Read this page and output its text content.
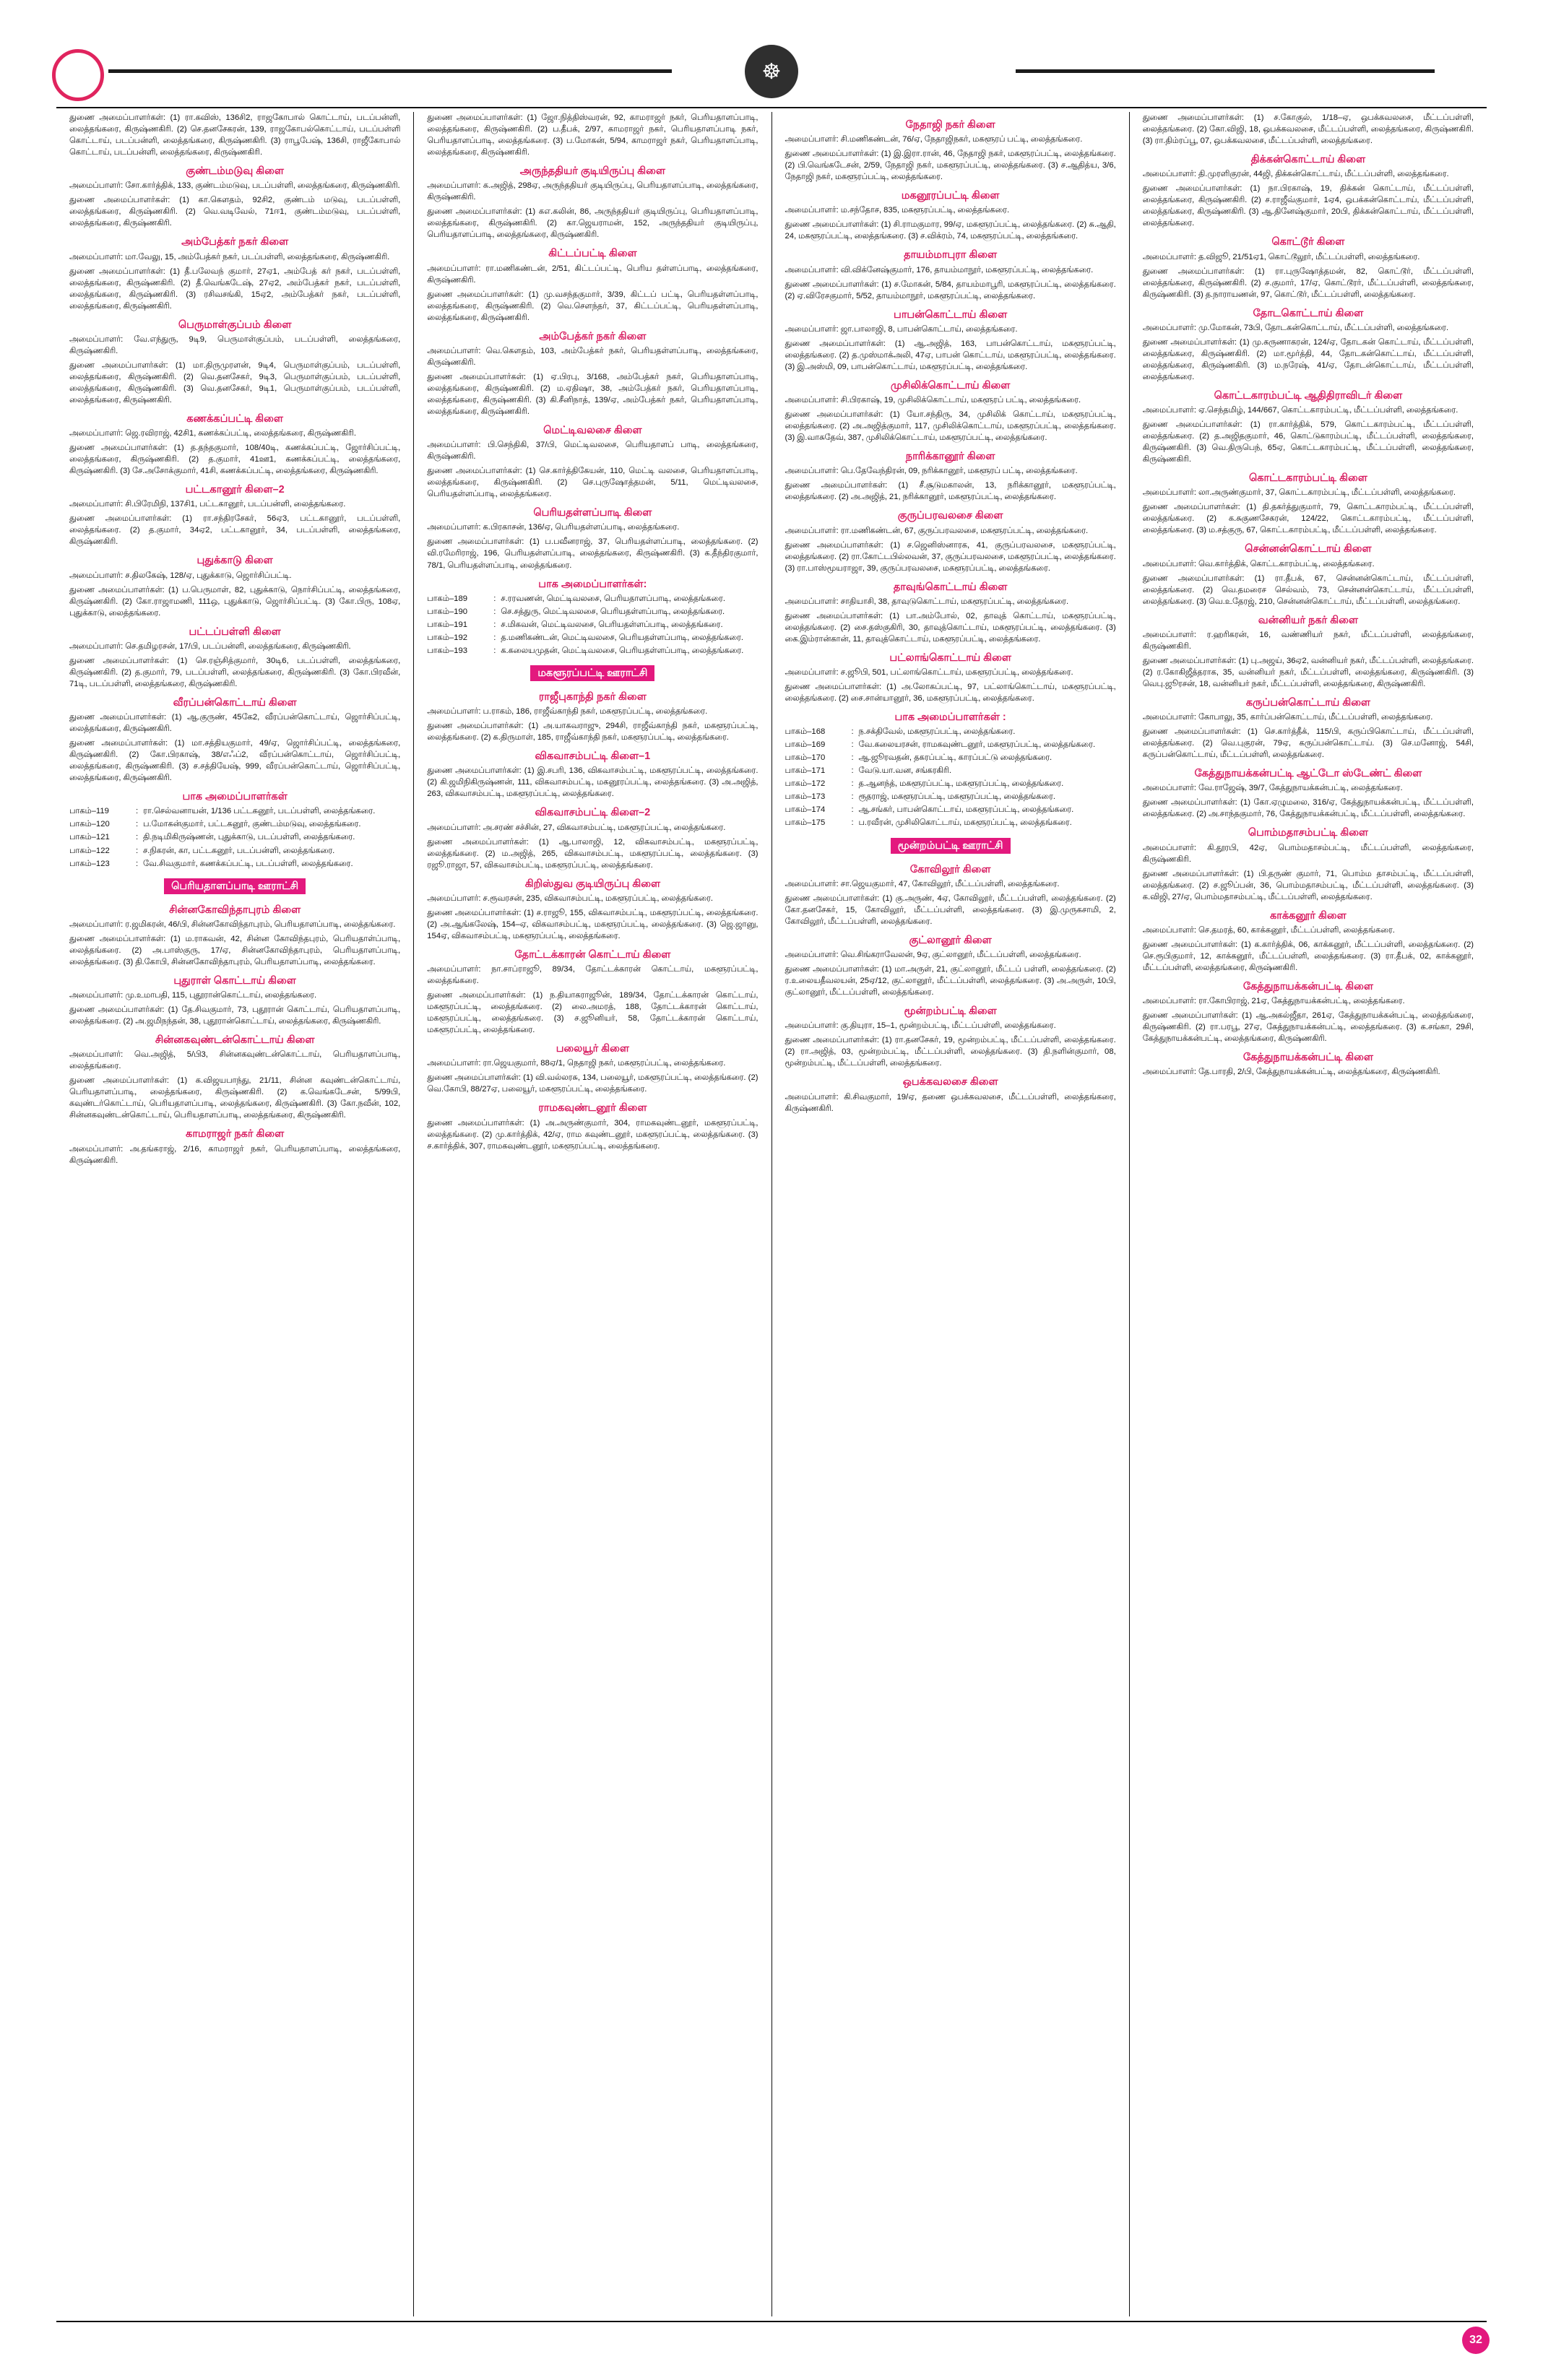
☸

துணை அமைப்பாளர்கள்: (1) ரா.கவிஸ், 136சி2, ராஜகோபால் கொட்டாய், படப்பன்ளி, லைத்தங்கரை, கிருஷ்ணகிரி. (2) செ.தனசேகரன், 139, ராஜகோபல்கொட்டாய், படப்பள்ளி கொட்டாய், படப்பன்ளி, லைத்தங்கரை, கிருஷ்ணகிரி. (3) ராபூபேஷ், 136சி, ராஜீகோபால் கொட்டாய், படப்பன்ளி, லைத்தங்கரை, கிருஷ்ணகிரி.

குண்டம்மடுவு கிளை

அமைப்பாளர்: சோ.கார்த்திக், 133, குண்டம்மடுவு, படப்பள்ளி, லைத்தங்கரை, கிருஷ்ணகிரி.

துணை அமைப்பாளர்கள்: (1) கா.கௌதம், 92சி2, குண்டம் மடுவு, படப்பள்ளி, லைத்தங்கரை, கிருஷ்ணகிரி. (2) வெ.வடிவேல், 71ஈ1, குண்டம்மடுவு, படப்பள்ளி, லைத்தங்கரை, கிருஷ்ணகிரி.

அம்பேத்கர் நகர் கிளை

அமைப்பாளர்: மா.வேலு, 15, அம்பேத்கர் நகர், படப்பள்ளி, லைத்தங்கரை, கிருஷ்ணகிரி.

துணை அமைப்பாளர்கள்: (1) தீ.பலேவந் குமார், 27ஏ1, அம்பேத் கர் நகர், படப்பள்ளி, லைத்தங்கரை, கிருஷ்ணகிரி. (2) தீ.வெங்கடேஷ், 27ஏ2, அம்பேத்கர் நகர், படப்பள்ளி, லைத்தங்கரை, கிருஷ்ணகிரி. (3) ரசிவசங்கி, 15ஏ2, அம்பேத்கர் நகர், படப்பள்ளி, லைத்தங்கரை, கிருஷ்ணகிரி.

பெருமாள்குப்பம் கிளை

அமைப்பாளர்: வே.எந்துரு, 9டி9, பெருமாள்குப்பம், படப்பள்ளி, லைத்தங்கரை, கிருஷ்ணகிரி.

துணை அமைப்பாளர்கள்: (1) மா.திருமுரளன், 9டி4, பெருமாள்குப்பம், படப்பள்ளி, லைத்தங்கரை, கிருஷ்ணகிரி. (2) வெ.தனசேகர், 9டி3, பெருமாள்குப்பம், படப்பள்ளி, லைத்தங்கரை, கிருஷ்ணகிரி. (3) வெ.தனசேகர், 9டி1, பெருமாள்குப்பம், படப்பள்ளி, லைத்தங்கரை, கிருஷ்ணகிரி.

கணக்கப்பட்டி கிளை

அமைப்பாளர்: ஜெ.ரவிராஜ், 42சி1, கணக்கப்பட்டி, லைத்தங்கரை, கிருஷ்ணகிரி.

துணை அமைப்பாளர்கள்: (1) த.தந்தகுமார், 108/40டி, கணக்கப்பட்டி, ஜோர்சிப்பட்டி, லைத்தங்கரை, கிருஷ்ணகிரி. (2) த.குமார், 41ஊ1, கணக்கப்பட்டி, லைத்தங்கரை, கிருஷ்ணகிரி. (3) சே.அசோக்குமார், 41சி, கணக்கப்பட்டி, லைத்தங்கரை, கிருஷ்ணகிரி.

பட்டகானூர் கிளை–2

அமைப்பாளர்: சி.பிரேமிநி, 137சி1, பட்டகானூர், படப்பன்ளி, லைத்தங்கரை.

துணை அமைப்பாளர்கள்: (1) ரா.சந்திரசேகர், 56ஏ3, பட்டகானூர், படப்பள்ளி, லைத்தங்கரை. (2) த.குமார், 34ஏ2, பட்டகானூர், 34, படப்பள்ளி, லைத்தங்கரை, கிருஷ்ணகிரி.

புதுக்காடு கிளை

அமைப்பாளர்: ச.திலகேஷ், 128/ஏ, புதுக்காடு, ஜொர்சிப்பட்டி.

துணை அமைப்பாளர்கள்: (1) ப.பெருமாள், 82, புதுக்காடு, நொர்சிப்பட்டி, லைத்தங்கரை, கிருஷ்ணகிரி. (2) கோ.ராஜாமணி, 111ஒ, புதுக்காடு, ஜொர்சிப்பட்டி. (3) கோ.பிரு, 108ஏ, புதுக்காடு, லைத்தங்கரை.

பட்டப்பள்ளி கிளை

அமைப்பாளர்: செ.தமிழரசன், 17/பி, படப்பன்ளி, லைத்தங்கரை, கிருஷ்ணகிரி.

துணை அமைப்பாளர்கள்: (1) செ.ரஞ்சித்குமார், 30டி6, படப்பள்ளி, லைத்தங்கரை, கிருஷ்ணகிரி. (2) த.குமார், 79, படப்பள்ளி, லைத்தங்கரை, கிருஷ்ணகிரி. (3) கோ.பிரவீன், 71டி, படப்பள்ளி, லைத்தங்கரை, கிருஷ்ணகிரி.

வீரப்பன்கொட்டாய் கிளை

துணை அமைப்பாளர்கள்: (1) ஆ.குருண், 45கே2, வீரப்பன்கொட்டாய், ஜொர்சிப்பட்டி, லைத்தங்கரை, கிருஷ்ணகிரி.

துணை அமைப்பாளர்கள்: (1) மா.சத்தியகுமார், 49/ஏ, ஜொர்சிப்பட்டி, லைத்தங்கரை, கிருஷ்ணகிரி. (2) கோ.பிரகாஷ், 38/எஃப்2, வீரப்பன்கொட்டாய், ஜொர்சிப்பட்டி, லைத்தங்கரை, கிருஷ்ணகிரி. (3) ச.சத்தியேஷ், 999, வீரப்பன்கொட்டாய், ஜொர்சிப்பட்டி, லைத்தங்கரை, கிருஷ்ணகிரி.

பாக அமைப்பாளர்கள்
பாகம்–119	: ரா.செல்வனாயன், 1/136 பட்டகனூர், படப்பள்ளி, லைத்தங்கரை.
பாகம்–120	: ப.மோகன்குமார், பட்டகனூர், குண்டம்மடுவு, லைத்தங்கரை.
பாகம்–121	: தி.நடிமிகிருஷ்ணன், புதுக்காடு, படப்பள்ளி, லைத்தங்கரை.
பாகம்–122	: ச.நிகரன், கா, பட்டகனூர், படப்பன்ளி, லைத்தங்கரை.
பாகம்–123	: வே.சிவகுமார், கணக்கப்பட்டி, படப்பள்ளி, லைத்தங்கரை.
பெரியதாளப்பாடி ஊராட்சி
சின்னகோவிந்தாபுரம் கிளை

அமைப்பாளர்: ர.ஜமிகரன், 46/பி, சின்னகோவிந்தாபுரம், பெரியதாளப்பாடி, லைத்தங்கரை.

துணை அமைப்பாளர்கள்: (1) ம.ராகவன், 42, சின்ன கோவிந்தபுரம், பெரியதாள்ப்பாடி, லைத்தங்கரை. (2) அ.பாஸ்குரு, 17/ஏ, சின்னகோவிந்தாபுரம், பெரியதாளப்பாடி, லைத்தங்கரை. (3) தி.கோபி, சின்னகோவிந்தாபுரம், பெரியதாளப்பாடி, லைத்தங்கரை.

புதுராள் கொட்டாய் கிளை

அமைப்பாளர்: மு.உமாபதி, 115, புதூரான்கொட்டாய், லைத்தங்கரை.

துணை அமைப்பாளர்கள்: (1) தே.சிவகுமார், 73, புதூரான் கொட்டாய், பெரியதாளப்பாடி, லைத்தங்கரை. (2) அ.ஜமிநந்தன், 38, புதூரான்கொட்டாய், லைத்தங்கரை, கிருஷ்ணகிரி.

சின்னகவுண்டன்கொட்டாய் கிளை

அமைப்பாளர்: வெ.அஜித், 5/பி3, சின்னகவுண்டன்கொட்டாய், பெரியதாளப்பாடி, லைத்தங்கரை.

துணை அமைப்பாளர்கள்: (1) க.விஜயபாந்து, 21/11, சின்ன கவுண்டன்கொட்டாய், பெரியதாளப்பாடி, லைத்தங்கரை, கிருஷ்ணகிரி. (2) க.வெங்கடேசன், 5/99பி, கவுண்டர்கொட்டாய், பெரியதாளப்பாடி, லைத்தங்கரை, கிருஷ்ணகிரி. (3) கோ.நவீன், 102, சின்னகவுண்டன்கொட்டாய், பெரியதாளப்பாடி, லைத்தங்கரை, கிருஷ்ணகிரி.

காமராஜர் நகர் கிளை

அமைப்பாளர்: அ.தங்கராஜ், 2/16, காமராஜர் நகர், பெரியதாளப்பாடி, லைத்தங்கரை, கிருஷ்ணகிரி.

துணை அமைப்பாளர்கள்: (1) ஜோ.நித்திஸ்வரன், 92, காமராஜர் நகர், பெரியதாளப்பாடி, லைத்தங்கரை, கிருஷ்ணகிரி. (2) ப.தீபக், 2/97, காமராஜர் நகர், பெரியதாளப்பாடி நகர், பெரியதாளப்பாடி, லைத்தங்கரை. (3) ப.மோகன், 5/94, காமராஜர் நகர், பெரியதாளப்பாடி, லைத்தங்கரை, கிருஷ்ணகிரி.

அருந்ததியர் குடியிருப்பு கிளை

அமைப்பாளர்: க.அஜித், 298ஏ, அருந்ததியர் குடியிருப்பு, பெரியதாளப்பாடி, லைத்தங்கரை, கிருஷ்ணகிரி.

துணை அமைப்பாளர்கள்: (1) கஎ.கலின், 86, அருந்ததியர் குடியிருப்பு, பெரியதாளப்பாடி, லைத்தங்கரை, கிருஷ்ணகிரி. (2) கா.ஜெயராமன், 152, அருந்ததியர் குடியிருப்பு, பெரியதாளப்பாடி, லைத்தங்கரை, கிருஷ்ணகிரி.

கிட்டப்பட்டி கிளை

அமைப்பாளர்: ரா.மணிகண்டன், 2/51, கிட்டப்பட்டி, பெரிய தள்ளப்பாடி, லைத்தங்கரை, கிருஷ்ணகிரி.

துணை அமைப்பாளர்கள்: (1) மு.வசந்தகுமார், 3/39, கிட்டப் பட்டி, பெரியதள்ளப்பாடி, லைத்தங்கரை, கிருஷ்ணகிரி. (2) வெ.செளந்தர், 37, கிட்டப்பட்டி, பெரியதள்ளப்பாடி, லைத்தங்கரை, கிருஷ்ணகிரி.

அம்பேத்கர் நகர் கிளை

அமைப்பாளர்: வெ.கௌதம், 103, அம்பேத்கர் நகர், பெரியதள்ளப்பாடி, லைத்தங்கரை, கிருஷ்ணகிரி.

துணை அமைப்பாளர்கள்: (1) ஏ.பிரபு, 3/168, அம்பேத்கர் நகர், பெரியதாளப்பாடி, லைத்தங்கரை, கிருஷ்ணகிரி. (2) ம.ஏதிஷா, 38, அம்பேத்கர் நகர், பெரியதாளப்பாடி, லைத்தங்கரை, கிருஷ்ணகிரி. (3) கி.சீனிநாத், 139/ஏ, அம்பேத்கர் நகர், பெரியதாளப்பாடி, லைத்தங்கரை, கிருஷ்ணகிரி.

மெட்டிவலசை கிளை

அமைப்பாளர்: பி.செந்திகி, 37/பி, மெட்டிவலசை, பெரியதாளப் பாடி, லைத்தங்கரை, கிருஷ்ணகிரி.

துணை அமைப்பாளர்கள்: (1) செ.கார்த்திகேயன், 110, மெட்டி வலசை, பெரியதாளப்பாடி, லைத்தங்கரை, கிருஷ்ணகிரி. (2) செ.புருஷோத்தமன், 5/11, மெட்டிவலசை, பெரியதள்ளப்பாடி, லைத்தங்கரை.

பெரியதள்ளப்பாடி கிளை

அமைப்பாளர்: க.பிரகாசன், 136/ஏ, பெரியதள்ளப்பாடி, லைத்தங்கரை.

துணை அமைப்பாளர்கள்: (1) ப.பவீனராஜ், 37, பெரியதள்ளப்பாடி, லைத்தங்கரை. (2) வி.ரமேரிராஜ், 196, பெரியதள்ளப்பாடி, லைத்தங்கரை, கிருஷ்ணகிரி. (3) க.தீந்திரகுமார், 78/1, பெரியதள்ளப்பாடி, லைத்தங்கரை.

பாக அமைப்பாளர்கள்:
பாகம்–189	: ச.ரரவணன், மெட்டிவலசை, பெரியதாளப்பாடி, லைத்தங்கரை.
பாகம்–190	: செ.சத்துரு, மெட்டிவலசை, பெரியதள்ளப்பாடி, லைத்தங்கரை.
பாகம்–191	: ச.மிகவன், மெட்டிவலசை, பெரியதள்ளப்பாடி, லைத்தங்கரை.
பாகம்–192	: த.மணிகண்டன், மெட்டிவலசை, பெரியதள்ளப்பாடி, லைத்தங்கரை.
பாகம்–193	: க.கலையமுதன், மெட்டிவலசை, பெரியதள்ளப்பாடி, லைத்தங்கரை.
மகளூரப்பட்டி ஊராட்சி
ராஜீபுகாந்தி நகர் கிளை

அமைப்பாளர்: ப.ராகம், 186, ராஜீவ்காந்தி நகர், மகளூரப்பட்டி, லைத்தங்கரை.

துணை அமைப்பாளர்கள்: (1) அ.யாகவராஜு, 294சி, ராஜீவ்காந்தி நகர், மகளூரப்பட்டி, லைத்தங்கரை. (2) க.திருமாள், 185, ராஜீவ்காந்தி நகர், மகளூரப்பட்டி, லைத்தங்கரை.

விகவாசம்பட்டி கிளை–1

துணை அமைப்பாளர்கள்: (1) இ.சபரி, 136, விகவாசம்பட்டி, மகளூரப்பட்டி, லைத்தங்கரை. (2) கி.ஜமிநிகிருஷ்ணன், 111, விகவாசம்பட்டி, மகனூரப்பட்டி, லைத்தங்கரை. (3) அ.அஜித், 263, விகவாசம்பட்டி, மகளூரப்பட்டி, லைத்தங்கரை.

விகவாசம்பட்டி கிளை–2

அமைப்பாளர்: அ.சரண் சச்சின், 27, விகவாசம்பட்டி, மகளூரப்பட்டி, லைத்தங்கரை.

துணை அமைப்பாளர்கள்: (1) ஆ.பாலாஜி, 12, விகவாசம்பட்டி, மகளூரப்பட்டி, லைத்தங்கரை. (2) ம.அஜித், 265, விகவாசம்பட்டி, மகளூரப்பட்டி, லைத்தங்கரை. (3) ரஜூ.ராஜா, 57, விகவாசம்பட்டி, மகளூரப்பட்டி, லைத்தங்கரை.

கிறிஸ்துவ குடியிருப்பு கிளை

அமைப்பாளர்: ச.ரூவரசன், 235, விகவாசம்பட்டி, மகளூரப்பட்டி, லைத்தங்கரை.

துணை அமைப்பாளர்கள்: (1) ச.ராஜூ, 155, விகவாசம்பட்டி, மகளூரப்பட்டி, லைத்தங்கரை. (2) அ.ஆங்கலேஷ், 154–ஏ, விகவாசம்பட்டி, மகளூரப்பட்டி, லைத்தங்கரை. (3) ஜெ.ஜானு, 154ஏ, விகவாசம்பட்டி, மகளூரப்பட்டி, லைத்தங்கரை.

தோட்டக்காரன் கொட்டாய் கிளை

அமைப்பாளர்: நா.சாப்ராஜூ, 89/34, தோட்டக்காரன் கொட்டாய், மகளூரப்பட்டி, லைத்தங்கரை.

துணை அமைப்பாளர்கள்: (1) ந.தியாகராஜூன், 189/34, தோட்டக்காரன் கொட்டாய், மகளூரப்பட்டி, லைத்தங்கரை. (2) லை.அமரத், 188, தோட்டக்காரன் கொட்டாய், மகளூரப்பட்டி, லைத்தங்கரை. (3) ச.ஜூனியர், 58, தோட்டக்காரன் கொட்டாய், மகளூரப்பட்டி, லைத்தங்கரை.

பலையூர் கிளை

அமைப்பாளர்: ரா.ஜெயகுமார், 88ஏ/1, நெதாஜி நகர், மகளூரப்பட்டி, லைத்தங்கரை.

துணை அமைப்பாளர்கள்: (1) வி.வல்லரசு, 134, பலையூர், மகளூரப்பட்டி, லைத்தங்கரை. (2) வெ.கோபி, 88/27ஏ, பலையூர், மகளூரப்பட்டி, லைத்தங்கரை.

ராமகவுண்டனூர் கிளை

துணை அமைப்பாளர்கள்: (1) அ.அருண்குமார், 304, ராமகவுண்டனூர், மகளூரப்பட்டி, லைத்தங்கரை. (2) மு.கார்த்திக், 42/ஏ, ராம கவுண்டனூர், மகளூரப்பட்டி, லைத்தங்கரை. (3) ச.கார்த்திக், 307, ராமகவுண்டனூர், மகளூரப்பட்டி, லைத்தங்கரை.

நேதாஜி நகர் கிளை

அமைப்பாளர்: சி.மணிகண்டன், 76/ஏ, நேதாஜிநகர், மகளூரப் பட்டி, லைத்தங்கரை.

துணை அமைப்பாளர்கள்: (1) இ.இரா.ரான், 46, நேதாஜி நகர், மகளூரப்பட்டி, லைத்தங்கரை. (2) பி.வெங்கடேசன், 2/59, நேதாஜி நகர், மகளூரப்பட்டி, லைத்தங்கரை. (3) ச.ஆதித்ய, 3/6, நேதாஜி நகர், மகளூரப்பட்டி, லைத்தங்கரை.

மகனூரப்பட்டி கிளை

அமைப்பாளர்: ம.சந்தோச, 835, மகளூரப்பட்டி, லைத்தங்கரை.

துணை அமைப்பாளர்கள்: (1) சி.ராமகுமார, 99/ஏ, மகளூரப்பட்டி, லைத்தங்கரை. (2) சு.ஆதி, 24, மகளூரப்பட்டி, லைத்தங்கரை. (3) ச.விக்ரம், 74, மகளூரப்பட்டி, லைத்தங்கரை.

தாயம்மாபுரா கிளை

அமைப்பாளர்: வி.விக்னேஷ்குமார், 176, தாயம்மாநூர், மகளூரப்பட்டி, லைத்தங்கரை.

துணை அமைப்பாளர்கள்: (1) ச.மோகன், 5/84, தாயம்மாபூரி, மகளூரப்பட்டி, லைத்தங்கரை. (2) ஏ.விரேசகுமார், 5/52, தாயம்மாநூர், மகளூரப்பட்டி, லைத்தங்கரை.

பாபன்கொட்டாய் கிளை

அமைப்பாளர்: ஜா.பாலாஜி, 8, பாபன்கொட்டாய், லைத்தங்கரை.

துணை அமைப்பாளர்கள்: (1) ஆ.அஜித், 163, பாபன்கொட்டாய், மகளூரப்பட்டி, லைத்தங்கரை. (2) த.முஸ்மாக்அலி, 47ஏ, பாபன் கொட்டாய், மகளூரப்பட்டி, லைத்தங்கரை. (3) இ.அஸ்மி, 09, பாபன்கொட்டாய், மகளூரப்பட்டி, லைத்தங்கரை.

முசிலிக்கொட்டாய் கிளை

அமைப்பாளர்: சி.பிரகாஷ், 19, முசிலிக்கொட்டாய், மகளூரப் பட்டி, லைத்தங்கரை.

துணை அமைப்பாளர்கள்: (1) யோ.சந்திரு, 34, முசிலிக் கொட்டாய், மகளூரப்பட்டி, லைத்தங்கரை. (2) அ.அஜித்குமார், 117, முசிலிக்கொட்டாய், மகளூரப்பட்டி, லைத்தங்கரை. (3) இ.வாசுதேவ், 387, முசிலிக்கொட்டாய், மகளூரப்பட்டி, லைத்தங்கரை.

நாரிக்கானூர் கிளை

அமைப்பாளர்: பெ.தேவேந்திரன், 09, நரிக்கானூர், மகளூரப் பட்டி, லைத்தங்கரை.

துணை அமைப்பாளர்கள்: (1) சீ.சூடுமகாலன், 13, நரிக்கானூர், மகளூரப்பட்டி, லைத்தங்கரை. (2) அ.அஜித், 21, நரிக்கானூர், மகளூரப்பட்டி, லைத்தங்கரை.

குருப்பரவலசை கிளை

அமைப்பாளர்: ரா.மணிகண்டன், 67, குருப்பரவலசை, மகளூரப்பட்டி, லைத்தங்கரை.

துணை அமைப்பாளர்கள்: (1) ச.ஜெனிஸ்னாரக, 41, குருப்பரவலசை, மகளூரப்பட்டி, லைத்தங்கரை. (2) ரா.கோட்டபில்லவன், 37, குருப்பரவலசை, மகளூரப்பட்டி, லைத்தங்கரை. (3) ரா.பாஸ்மூயராஜா, 39, குருப்பரவலசை, மகளூரப்பட்டி, லைத்தங்கரை.

தாவுங்கொட்டாய் கிளை

அமைப்பாளர்: சாதியாசி, 38, தாவுடுகொட்டாய், மகளூரப்பட்டி, லைத்தங்கரை.

துணை அமைப்பாளர்கள்: (1) பா.அம்போல், 02, தாவுத் கொட்டாய், மகளூரப்பட்டி, லைத்தங்கரை. (2) சை.தஸ்குகிரி, 30, தாவுத்கொட்டாய், மகளூரப்பட்டி, லைத்தங்கரை. (3) கை.இம்ரான்கான், 11, தாவுத்கொட்டாய், மகளூரப்பட்டி, லைத்தங்கரை.

பட்லாங்கொட்டாய் கிளை

அமைப்பாளர்: ச.ஜூபி, 501, பட்லாங்கொட்டாய், மகளூரப்பட்டி, லைத்தங்கரை.

துணை அமைப்பாளர்கள்: (1) அ.லோகப்பட்டி, 97, பட்லாங்கொட்டாய், மகளூரப்பட்டி, லைத்தங்கரை. (2) சை.சான்யானூர், 36, மகளூரப்பட்டி, லைத்தங்கரை.

பாக அமைப்பாளர்கள் :
பாகம்–168	: ந.சக்திவேல், மகளூரப்பட்டி, லைத்தங்கரை.
பாகம்–169	: வே.கலையரசன், ராமகவுண்டனூர், மகளூரப்பட்டி, லைத்தங்கரை.
பாகம்–170	: ஆ.ஜூரவதன், தகரப்பட்டி, காரப்பட்டு லைத்தங்கரை.
பாகம்–171	: வேடு.யா.வன, சங்கரகிரி.
பாகம்–172	: த.ஆனந்த், மகளூரப்பட்டி, மகளூரப்பட்டி, லைத்தங்கரை.
பாகம்–173	: ரூதராஜ், மகளூரப்பட்டி, மகளூரப்பட்டி, லைத்தங்கரை.
பாகம்–174	: ஆ.சங்கர், பாபன்கொட்டாய், மகளூரப்பட்டி, லைத்தங்கரை.
பாகம்–175	: ப.ரவீரன், முசிலிகொட்டாய், மகளூரப்பட்டி, லைத்தங்கரை.
மூன்றம்பட்டி ஊராட்சி
கோவிலூர் கிளை

அமைப்பாளர்: சா.ஜெயகுமார், 47, கோவிலூர், மீட்டப்பள்ளி, லைத்தங்கரை.

துணை அமைப்பாளர்கள்: (1) கு.அருண், 4ஏ, கோவிலூர், மீட்டப்பள்ளி, லைத்தங்கரை. (2) கோ.தனசேகர், 15, கோவிலூர், மீட்டப்பள்ளி, லைத்தங்கரை. (3) இ.முருகசாமி, 2, கோவிலூர், மீட்டப்பள்ளி, லைத்தங்கரை.

குட்லானூர் கிளை

அமைப்பாளர்: வெ.சிங்கராவேலன், 9ஏ, குட்லானூர், மீட்டப்பள்ளி, லைத்தங்கரை.

துணை அமைப்பாளர்கள்: (1) மா.அருள், 21, குட்லானூர், மீட்டப் பள்ளி, லைத்தங்கரை. (2) ர.உலையதீவலயன், 25ஏ/12, குட்லானூர், மீட்டப்பள்ளி, லைத்தங்கரை. (3) அ.அருள், 10பி, குட்லானூர், மீட்டப்பள்ளி, லைத்தங்கரை.

மூன்றம்பட்டி கிளை

அமைப்பாளர்: கு.தியுரா, 15–1, மூன்றம்பட்டி, மீட்டப்பள்ளி, லைத்தங்கரை.

துணை அமைப்பாளர்கள்: (1) ரா.தனசேகர், 19, மூன்றம்பட்டி, மீட்டப்பள்ளி, லைத்தங்கரை. (2) ரா.அஜித், 03, மூன்றம்பட்டி, மீட்டப்பள்ளி, லைத்தங்கரை. (3) தி.நளின்குமார், 08, மூன்றம்பட்டி, மீட்டப்பள்ளி, லைத்தங்கரை.

ஒபக்கவலசை கிளை

அமைப்பாளர்: கி.சிவகுமார், 19/ஏ, தணை ஒபக்கவலசை, மீட்டப்பள்ளி, லைத்தங்கரை, கிருஷ்ணகிரி.

துணை அமைப்பாளர்கள்: (1) ச.கோகுல், 1/18–ஏ, ஒபக்கவலசை, மீட்டப்பள்ளி, லைத்தங்கரை. (2) கோ.விஜி, 18, ஒபக்கவலசை, மீட்டப்பள்ளி, லைத்தங்கரை, கிருஷ்ணகிரி. (3) ரா.திம்ரப்பூ, 07, ஒபக்கவலசை, மீட்டப்பள்ளி, லைத்தங்கரை.

திக்கன்கொட்டாய் கிளை

அமைப்பாளர்: தி.முரளிகுரன், 44ஜி, திக்கன்கொட்டாய், மீட்டப்பள்ளி, லைத்தங்கரை.

துணை அமைப்பாளர்கள்: (1) நா.பிரகாஷ், 19, திக்கன் கொட்டாய், மீட்டப்பள்ளி, லைத்தங்கரை, கிருஷ்ணகிரி. (2) ச.ராஜீவ்குமார், 1ஏ4, ஒபக்கன்கொட்டாய், மீட்டப்பள்ளி, லைத்தங்கரை, கிருஷ்ணகிரி. (3) ஆ.தினேஷ்குமார், 20பி, திக்கன்கொட்டாய், மீட்டப்பள்ளி, லைத்தங்கரை.

கொட்டூர் கிளை

அமைப்பாளர்: த.விஜூ, 21/51ஏ1, கொட்டூலூர், மீட்டப்பள்ளி, லைத்தங்கரை.

துணை அமைப்பாளர்கள்: (1) ரா.புருஷோத்தமன், 82, கொட்டூர், மீட்டப்பள்ளி, லைத்தங்கரை, கிருஷ்ணகிரி. (2) ச.குமார், 17/ஏ, கொட்டூரர், மீட்டப்பள்ளி, லைத்தங்கரை, கிருஷ்ணகிரி. (3) த.நாராயணன், 97, கொட்டூர், மீட்டப்பள்ளி, லைத்தங்கரை.

தோடகொட்டாய் கிளை

அமைப்பாளர்: மு.மோகன், 73பி, தோடகன்கொட்டாய், மீட்டப்பள்ளி, லைத்தங்கரை.

துணை அமைப்பாளர்கள்: (1) மு.கருணாகரன், 124/ஏ, தோடகன் கொட்டாய், மீட்டப்பள்ளி, லைத்தங்கரை, கிருஷ்ணகிரி. (2) மா.மூர்த்தி, 44, தோடகன்கொட்டாய், மீட்டப்பள்ளி, லைத்தங்கரை, கிருஷ்ணகிரி. (3) ம.நரேஷ், 41/ஏ, தோடன்கொட்டாய், மீட்டப்பள்ளி, லைத்தங்கரை.

கொட்டகாரம்பட்டி ஆதிதிராவிடர் கிளை

அமைப்பாளர்: ஏ.செந்தமிழ், 144/667, கொட்டகாரம்பட்டி, மீட்டப்பள்ளி, லைத்தங்கரை.

துணை அமைப்பாளர்கள்: (1) ரா.கார்த்திக், 579, கொட்டகாரம்பட்டி, மீட்டப்பள்ளி, லைத்தங்கரை. (2) த.அஜிதகுமார், 46, கொட்டுகாரம்பட்டி, மீட்டப்பள்ளி, லைத்தங்கரை, கிருஷ்ணகிரி. (3) வெ.திருபெந், 65ஏ, கொட்டகாரம்பட்டி, மீட்டப்பள்ளி, லைத்தங்கரை, கிருஷ்ணகிரி.

கொட்டகாரம்பட்டி கிளை

அமைப்பாளர்: லா.அருண்குமார், 37, கொட்டகாரம்பட்டி, மீட்டப்பள்ளி, லைத்தங்கரை.

துணை அமைப்பாளர்கள்: (1) தி.தகர்த்துகுமார், 79, கொட்டகாரம்பட்டி, மீட்டப்பள்ளி, லைத்தங்கரை. (2) க.சுகுணசேகரன், 124/22, கொட்டகாரம்பட்டி, மீட்டப்பள்ளி, லைத்தங்கரை. (3) ம.சத்குரு, 67, கொட்டகாரம்பட்டி, மீட்டப்பள்ளி, லைத்தங்கரை.

சென்னன்கொட்டாய் கிளை

அமைப்பாளர்: வெ.கார்த்திக், கொட்டகாரம்பட்டி, லைத்தங்கரை.

துணை அமைப்பாளர்கள்: (1) ரா.தீபக், 67, சென்னன்கொட்டாய், மீட்டப்பள்ளி, லைத்தங்கரை. (2) வெ.தமரைச செல்வம், 73, சென்னன்கொட்டாய், மீட்டப்பள்ளி, லைத்தங்கரை. (3) வெ.உதேரஜ், 210, சென்னன்கொட்டாய், மீட்டப்பள்ளி, லைத்தங்கரை.

வன்னியர் நகர் கிளை

அமைப்பாளர்: ர.ஹரிகரன், 16, வண்ணியர் நகர், மீட்டப்பள்ளி, லைத்தங்கரை, கிருஷ்ணகிரி.

துணை அமைப்பாளர்கள்: (1) பு.அஜய், 36ஏ2, வன்னியர் நகர், மீட்டப்பள்ளி, லைத்தங்கரை. (2) ர.கோகிஜீத்தராக, 35, வன்னியர் நகர், மீட்டப்பள்ளி, லைத்தங்கரை, கிருஷ்ணகிரி. (3) வெபு.ஜூரசன், 18, வன்னியர் நகர், மீட்டப்பள்ளி, லைத்தங்கரை, கிருஷ்ணகிரி.

கருப்பன்கொட்டாய் கிளை

அமைப்பாளர்: கோபாலு, 35, கார்ப்பன்கொட்டாய், மீட்டப்பள்ளி, லைத்தங்கரை.

துணை அமைப்பாளர்கள்: (1) செ.கார்த்தீக், 115/பி, கருப்பிகொட்டாய், மீட்டப்பள்ளி, லைத்தங்கரை. (2) வெ.புகுரன், 79ஏ, கருப்பன்கொட்டாய். (3) செ.மனோஜ், 54சி, கருப்பன்கொட்டாய், மீட்டப்பள்ளி, லைத்தங்கரை.

கேத்துநாயக்கன்பட்டி ஆட்டோ ஸ்டேண்ட் கிளை

அமைப்பாளர்: வே.ராஜேஷ், 39/7, கேத்துநாயக்கன்பட்டி, லைத்தங்கரை.

துணை அமைப்பாளர்கள்: (1) கோ.ஏழுமலை, 316/ஏ, கேத்துநாயக்கன்பட்டி, மீட்டப்பள்ளி, லைத்தங்கரை. (2) அ.சாந்தகுமார், 76, கேத்துநாயக்கன்பட்டி, மீட்டப்பள்ளி, லைத்தங்கரை.

பொம்மதாசம்பட்டி கிளை

அமைப்பாளர்: கி.தூரபி, 42ஏ, பொம்மதாசம்பட்டி, மீட்டப்பள்ளி, லைத்தங்கரை, கிருஷ்ணகிரி.

துணை அமைப்பாளர்கள்: (1) பி.தருண் குமார், 71, பொம்ம தாசம்பட்டி, மீட்டப்பள்ளி, லைத்தங்கரை. (2) ச.ஜூப்பன், 36, பொம்மதாசம்பட்டி, மீட்டப்பள்ளி, லைத்தங்கரை. (3) க.விஜி, 27/ஏ, பொம்மதாசம்பட்டி, மீட்டப்பள்ளி, லைத்தங்கரை.

காக்கனூர் கிளை

அமைப்பாளர்: செ.தமரத், 60, காக்கனூர், மீட்டப்பள்ளி, லைத்தங்கரை.

துணை அமைப்பாளர்கள்: (1) க.கார்த்திக், 06, காக்கனூர், மீட்டப்பள்ளி, லைத்தங்கரை. (2) செ.ரூபிகுமார், 12, காக்கனூர், மீட்டப்பள்ளி, லைத்தங்கரை. (3) ரா.தீபக், 02, காக்கனூர், மீட்டப்பள்ளி, லைத்தங்கரை, கிருஷ்ணகிரி.

கேத்துநாயக்கன்பட்டி கிளை

அமைப்பாளர்: ரா.கோபிராஜ், 21ஏ, கேத்துநாயக்கன்பட்டி, லைத்தங்கரை.

துணை அமைப்பாளர்கள்: (1) ஆ.அகல்ஜீதா, 261ஏ, கேத்துநாயக்கன்பட்டி, லைத்தங்கரை, கிருஷ்ணகிரி. (2) ரா.பரபூ, 27ஏ, கேத்துநாயக்கன்பட்டி, லைத்தங்கரை. (3) க.சங்கா, 29சி, கேத்துநாயக்கன்பட்டி, லைத்தங்கரை, கிருஷ்ணகிரி.

கேத்துநாயக்கன்பட்டி கிளை

அமைப்பாளர்: தே.பாரதி, 2/பி, கேத்துநாயக்கன்பட்டி, லைத்தங்கரை, கிருஷ்ணகிரி.

32
